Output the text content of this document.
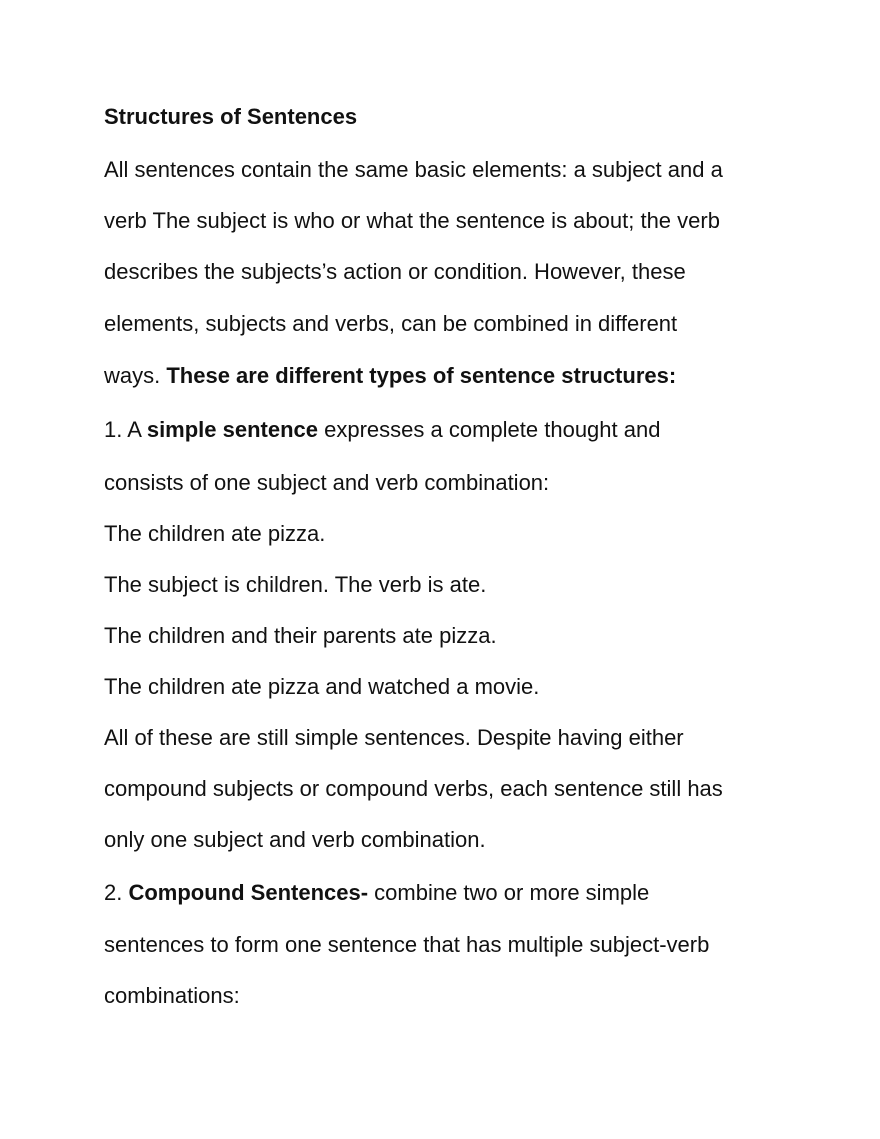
Structures of Sentences
All sentences contain the same basic elements: a subject and a
verb The subject is who or what the sentence is about; the verb
describes the subjects’s action or condition. However, these
elements, subjects and verbs, can be combined in different
ways. These are different types of sentence structures:
1. A simple sentence expresses a complete thought and
consists of one subject and verb combination:
The children ate pizza.
The subject is children. The verb is ate.
The children and their parents ate pizza.
The children ate pizza and watched a movie.
All of these are still simple sentences. Despite having either
compound subjects or compound verbs, each sentence still has
only one subject and verb combination.
2. Compound Sentences- combine two or more simple
sentences to form one sentence that has multiple subject-verb
combinations:
